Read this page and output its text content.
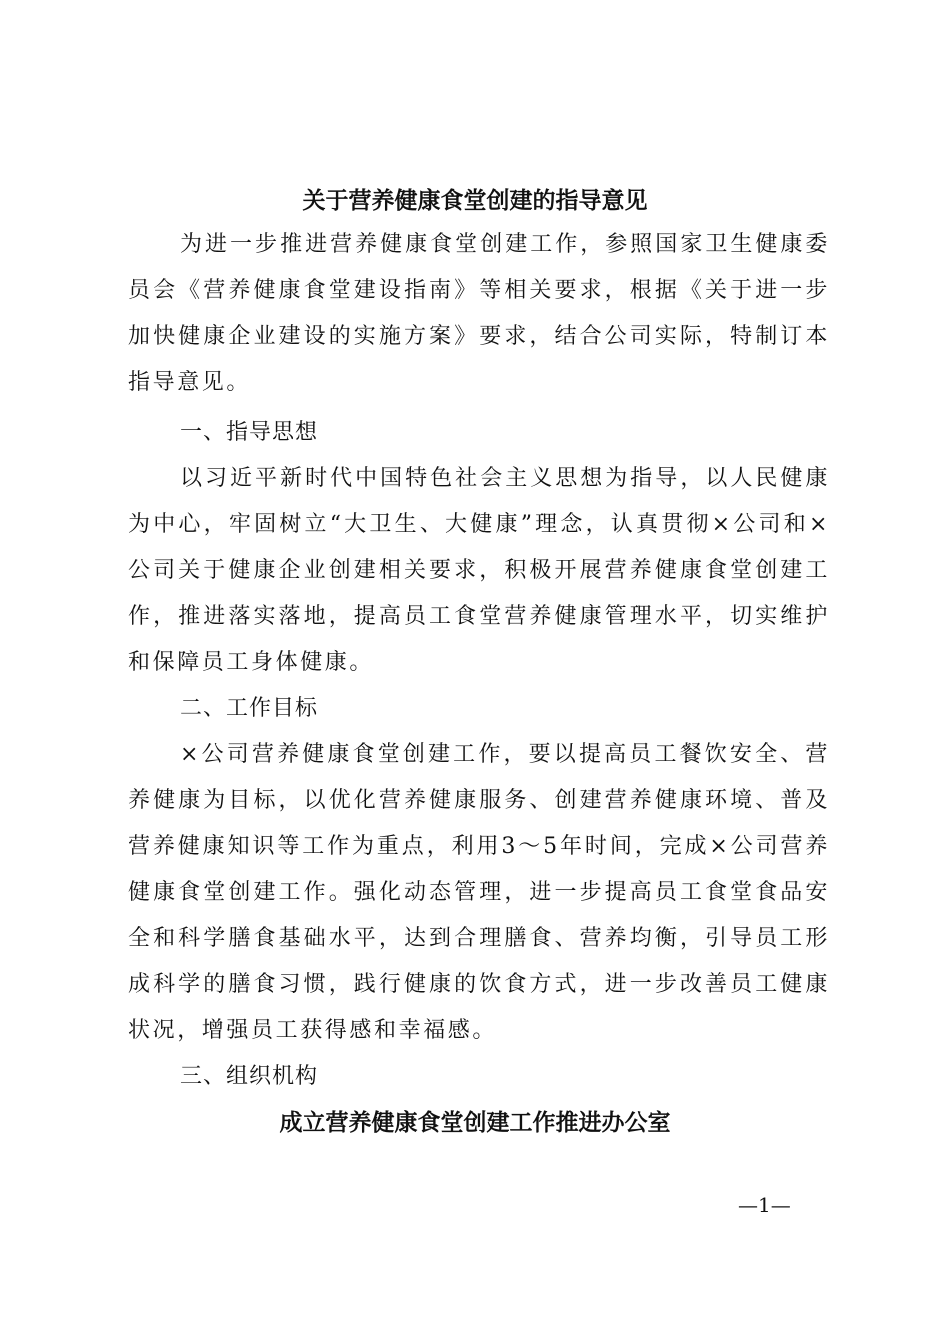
关于营养健康食堂创建的指导意见

为进一步推进营养健康食堂创建工作，参照国家卫生健康委员会《营养健康食堂建设指南》等相关要求，根据《关于进一步加快健康企业建设的实施方案》要求，结合公司实际，特制订本指导意见。

一、指导思想

以习近平新时代中国特色社会主义思想为指导，以人民健康为中心，牢固树立“大卫生、大健康”理念，认真贯彻×公司和×公司关于健康企业创建相关要求，积极开展营养健康食堂创建工作，推进落实落地，提高员工食堂营养健康管理水平，切实维护和保障员工身体健康。

二、工作目标

×公司营养健康食堂创建工作，要以提高员工餐饮安全、营养健康为目标，以优化营养健康服务、创建营养健康环境、普及营养健康知识等工作为重点，利用3～5年时间，完成×公司营养健康食堂创建工作。强化动态管理，进一步提高员工食堂食品安全和科学膳食基础水平，达到合理膳食、营养均衡，引导员工形成科学的膳食习惯，践行健康的饮食方式，进一步改善员工健康状况，增强员工获得感和幸福感。

三、组织机构
成立营养健康食堂创建工作推进办公室
—1—
